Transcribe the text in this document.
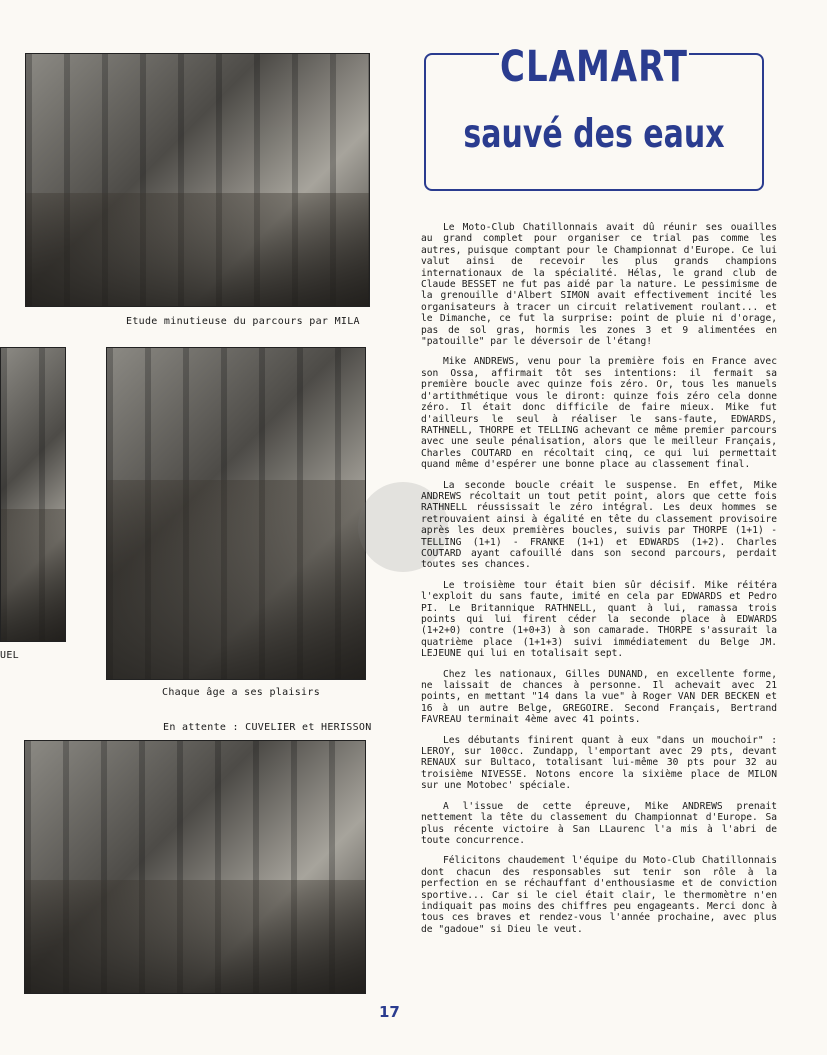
Etude minutieuse du parcours par MILA
UEL
Chaque âge a ses plaisirs
En attente : CUVELIER et HERISSON
CLAMART
sauvé des eaux

Le Moto-Club Chatillonnais avait dû réunir ses ouailles au grand complet pour organiser ce trial pas comme les autres, puisque comptant pour le Championnat d'Europe. Ce lui valut ainsi de recevoir les plus grands champions internationaux de la spécialité. Hélas, le grand club de Claude BESSET ne fut pas aidé par la nature. Le pessimisme de la grenouille d'Albert SIMON avait effectivement incité les organisateurs à tracer un circuit relativement roulant... et le Dimanche, ce fut la surprise: point de pluie ni d'orage, pas de sol gras, hormis les zones 3 et 9 alimentées en "patouille" par le déversoir de l'étang!

Mike ANDREWS, venu pour la première fois en France avec son Ossa, affirmait tôt ses intentions: il fermait sa première boucle avec quinze fois zéro. Or, tous les manuels d'artithmétique vous le diront: quinze fois zéro cela donne zéro. Il était donc difficile de faire mieux. Mike fut d'ailleurs le seul à réaliser le sans-faute, EDWARDS, RATHNELL, THORPE et TELLING achevant ce même premier parcours avec une seule pénalisation, alors que le meilleur Français, Charles COUTARD en récoltait cinq, ce qui lui permettait quand même d'espérer une bonne place au classement final.

La seconde boucle créait le suspense. En effet, Mike ANDREWS récoltait un tout petit point, alors que cette fois RATHNELL réussissait le zéro intégral. Les deux hommes se retrouvaient ainsi à égalité en tête du classement provisoire après les deux premières boucles, suivis par THORPE (1+1) - TELLING (1+1) - FRANKE (1+1) et EDWARDS (1+2). Charles COUTARD ayant cafouillé dans son second parcours, perdait toutes ses chances.

Le troisième tour était bien sûr décisif. Mike réitéra l'exploit du sans faute, imité en cela par EDWARDS et Pedro PI. Le Britannique RATHNELL, quant à lui, ramassa trois points qui lui firent céder la seconde place à EDWARDS (1+2+0) contre (1+0+3) à son camarade. THORPE s'assurait la quatrième place (1+1+3) suivi immédiatement du Belge JM. LEJEUNE qui lui en totalisait sept.

Chez les nationaux, Gilles DUNAND, en excellente forme, ne laissait de chances à personne. Il achevait avec 21 points, en mettant "14 dans la vue" à Roger VAN DER BECKEN et 16 à un autre Belge, GREGOIRE. Second Français, Bertrand FAVREAU terminait 4ème avec 41 points.

Les débutants finirent quant à eux "dans un mouchoir" : LEROY, sur 100cc. Zundapp, l'emportant avec 29 pts, devant RENAUX sur Bultaco, totalisant lui-même 30 pts pour 32 au troisième NIVESSE. Notons encore la sixième place de MILON sur une Motobec' spéciale.

A l'issue de cette épreuve, Mike ANDREWS prenait nettement la tête du classement du Championnat d'Europe. Sa plus récente victoire à San LLaurenc l'a mis à l'abri de toute concurrence.

Félicitons chaudement l'équipe du Moto-Club Chatillonnais dont chacun des responsables sut tenir son rôle à la perfection en se réchauffant d'enthousiasme et de conviction sportive... Car si le ciel était clair, le thermomètre n'en indiquait pas moins des chiffres peu engageants. Merci donc à tous ces braves et rendez-vous l'année prochaine, avec plus de "gadoue" si Dieu le veut.

17
